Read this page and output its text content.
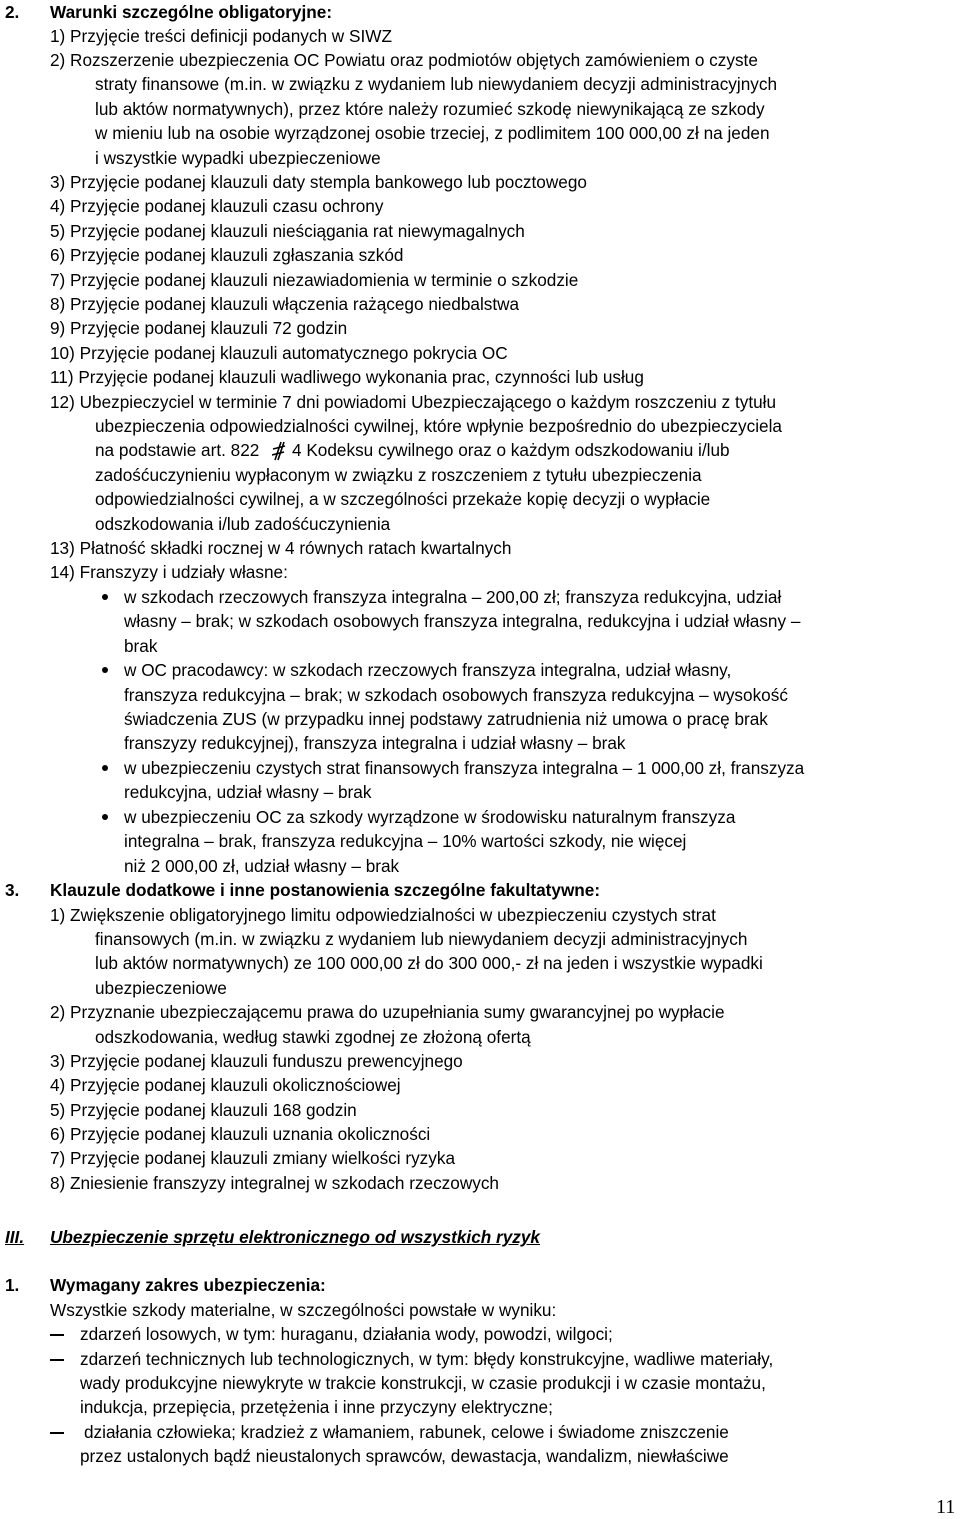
2. Warunki szczególne obligatoryjne:
1) Przyjęcie treści definicji podanych w SIWZ
2) Rozszerzenie ubezpieczenia OC Powiatu oraz podmiotów objętych zamówieniem o czyste
straty finansowe (m.in. w związku z wydaniem lub niewydaniem decyzji administracyjnych
lub aktów normatywnych), przez które należy rozumieć szkodę niewynikającą ze szkody
w mieniu lub na osobie wyrządzonej osobie trzeciej, z podlimitem 100 000,00 zł na jeden
i wszystkie wypadki ubezpieczeniowe
3) Przyjęcie podanej klauzuli daty stempla bankowego lub pocztowego
4) Przyjęcie podanej klauzuli czasu ochrony
5) Przyjęcie podanej klauzuli nieściągania rat niewymagalnych
6) Przyjęcie podanej klauzuli zgłaszania szkód
7) Przyjęcie podanej klauzuli niezawiadomienia w terminie o szkodzie
8) Przyjęcie podanej klauzuli włączenia rażącego niedbalstwa
9) Przyjęcie podanej klauzuli 72 godzin
10) Przyjęcie podanej klauzuli automatycznego pokrycia OC
11) Przyjęcie podanej klauzuli wadliwego wykonania prac, czynności lub usług
12) Ubezpieczyciel w terminie 7 dni powiadomi Ubezpieczającego o każdym roszczeniu z tytułu
ubezpieczenia odpowiedzialności cywilnej, które wpłynie bezpośrednio do ubezpieczyciela
na podstawie art. 822 4 Kodeksu cywilnego oraz o każdym odszkodowaniu i/lub
zadośćuczynieniu wypłaconym w związku z roszczeniem z tytułu ubezpieczenia
odpowiedzialności cywilnej, a w szczególności przekaże kopię decyzji o wypłacie
odszkodowania i/lub zadośćuczynienia
13) Płatność składki rocznej w 4 równych ratach kwartalnych
14) Franszyzy i udziały własne:
w szkodach rzeczowych franszyza integralna – 200,00 zł; franszyza redukcyjna, udział
własny – brak; w szkodach osobowych franszyza integralna, redukcyjna i udział własny –
brak
w OC pracodawcy: w szkodach rzeczowych franszyza integralna, udział własny,
franszyza redukcyjna – brak; w szkodach osobowych franszyza redukcyjna – wysokość
świadczenia ZUS (w przypadku innej podstawy zatrudnienia niż umowa o pracę brak
franszyzy redukcyjnej), franszyza integralna i udział własny – brak
w ubezpieczeniu czystych strat finansowych franszyza integralna – 1 000,00 zł, franszyza
redukcyjna, udział własny – brak
w ubezpieczeniu OC za szkody wyrządzone w środowisku naturalnym franszyza
integralna – brak, franszyza redukcyjna – 10% wartości szkody, nie więcej
niż 2 000,00 zł, udział własny – brak
3. Klauzule dodatkowe i inne postanowienia szczególne fakultatywne:
1) Zwiększenie obligatoryjnego limitu odpowiedzialności w ubezpieczeniu czystych strat
finansowych (m.in. w związku z wydaniem lub niewydaniem decyzji administracyjnych
lub aktów normatywnych) ze 100 000,00 zł do 300 000,- zł na jeden i wszystkie wypadki
ubezpieczeniowe
2) Przyznanie ubezpieczającemu prawa do uzupełniania sumy gwarancyjnej po wypłacie
odszkodowania, według stawki zgodnej ze złożoną ofertą
3) Przyjęcie podanej klauzuli funduszu prewencyjnego
4) Przyjęcie podanej klauzuli okolicznościowej
5) Przyjęcie podanej klauzuli 168 godzin
6) Przyjęcie podanej klauzuli uznania okoliczności
7) Przyjęcie podanej klauzuli zmiany wielkości ryzyka
8) Zniesienie franszyzy integralnej w szkodach rzeczowych
III. Ubezpieczenie sprzętu elektronicznego od wszystkich ryzyk
1. Wymagany zakres ubezpieczenia:
Wszystkie szkody materialne, w szczególności powstałe w wyniku:
zdarzeń losowych, w tym: huraganu, działania wody, powodzi, wilgoci;
zdarzeń technicznych lub technologicznych, w tym: błędy konstrukcyjne, wadliwe materiały,
wady produkcyjne niewykryte w trakcie konstrukcji, w czasie produkcji i w czasie montażu,
indukcja, przepięcia, przetężenia i inne przyczyny elektryczne;
działania człowieka; kradzież z włamaniem, rabunek, celowe i świadome zniszczenie
przez ustalonych bądź nieustalonych sprawców, dewastacja, wandalizm, niewłaściwe
11
